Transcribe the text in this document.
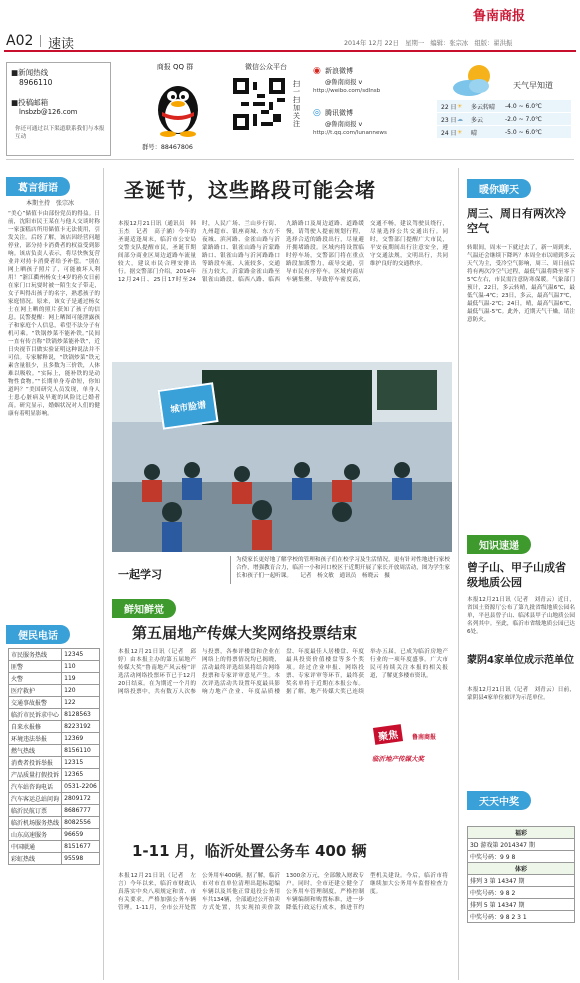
鲁南商报
A02 速读	2014年 12月 22日　星期一　编辑：张宗冰　组版：翟洪振
■新闻热线
8966110
■投稿邮箱
lnsbzb@126.com
你还可通过以下渠道联系我们与本报互动
商报 QQ 群
群号：88467806
微信公众平台
扫一扫 加关注
◉ 新浪微博
@鲁南商报 v
http://weibo.com/sdlnsb
◎ 腾讯微博
@鲁南商报 v
http://t.qq.com/lunannews
天气早知道
22 日 ☀	多云转晴	-4.0 ~ 6.0℃
23 日 ☁	多云	-2.0 ~ 7.0℃
24 日 ☀	晴	-5.0 ~ 6.0℃
葛言街语
本期主持　张宗冰
“美心”储值卡由部份党员的得益。日前，沈阳市民王某在与他人交谈时称一家蛋糕店所用储值卡无法使用，引发关注。后经了解，该店因经营问题停业，部分持卡消费者的权益受到影响。该店负责人表示，将尽快恢复营业并对持卡消费者给予补偿。“别在网上晒孩子照片了，可能被坏人利用！”浙江衢州杨女士4岁的孙女日前在家门口玩耍时被一陌生女子带走，女子叫得出孩子的名字，熟悉孩子的家庭情况。原来，该女子是通过杨女士在网上晒的照片获知了孩子的信息。民警提醒：网上晒图可能泄露孩子和家庭个人信息，希望不法分子有机可乘。“铁锅炒菜不能补铁。”民间一直有传言称“铁锅炒菜能补铁”，近日央视节目做实验证明这种说法并不可信。专家解释说，“铁锅炒菜”铁元素含量很少，且多数为三价铁，人体难以吸收。“实际上，能补铁的是动物性食物。”“长期单身寿命短，你知道吗？”美国研究人员发现，单身人士患心脏病及早逝的风险比已婚者高。研究显示，婚姻状况对人们的健康有着明显影响。
便民电话
市民服务热线	12345
匪警	110
火警	119
医疗救护	120
交通事故报警	122
临沂市民诉求中心	8128563
自来水报修	8223192
环境违法举报	12369
燃气热线	8156110
消费者投诉举报	12315
产品质量打假投诉	12365
汽车站咨询电话	0531-2206
汽车客运总站问询	2809172
临沂民航订票	8686777
临沂机场服务热线	8082556
山东高速服务	96659
中国联通	8151677
彩虹热线	95598
圣诞节，这些路段可能会堵
本报12月21日讯（通讯员　韩玉杰　记者　高子涵）今年的圣诞适逢周末，临沂市公安局交警支队提醒市民，圣诞节期间部分商业区周边道路车流量较大，建议市民合理安排出行。据交警部门介绍，2014年12月24日、25日17时至24时，人民广场、兰山步行街、九州超市、银座商城、东方不夜城、滨河路、金雀山路与沂蒙路路口、银雀山路与沂蒙路路口、银雀山路与沂河路路口等路段车流、人流较多，交通压力较大。沂蒙路金雀山路至银雀山路段、临西八路、临西九路路口及周边道路、道路缓慢，请驾驶人提前规划行程，选择合适的路段出行，尽量避开拥堵路段。区域内将设置临时停车场，交警部门将在重点路段加派警力，疏导交通，引导市民有序停车。区域内商店车辆集聚、导致停车密度高，交通不畅，建议驾驶员绕行，尽量选择公共交通出行。同时，交警部门提醒广大市民，平安夜期间出行注意安全，遵守交通法规，文明出行，共同维护良好的交通秩序。
城市脸谱
一起学习
为使家长更好地了解学校的管理和孩子们在校学习及生活情况，更有针对性地进行家校合作，增强教育合力，临沂一小和河口校区于近期开展了家长开放周活动，图为学生家长和孩子们一起听课。　　记者　杨文敏　通讯员　杨晓云　摄
鲜知鲜觉
第五届地产传媒大奖网络投票结束
本报12月21日讯（记者　邱婷）由本报主办的第五届地产传媒大奖“鲁南地产风云榜”评选活动网络投票环节已于12月20日结束。在为期近一个月的网络投票中，共有数万人次参与投票，各参评楼盘和企业在网络上的得票情况均已揭晓，活动最终评选结果将结合网络投票和专家评审意见产生。本次评选活动共设置年度最具影响力地产企业、年度品质楼盘、年度最佳人居楼盘、年度最具投资价值楼盘等多个奖项。经过企业申报、网络投票、专家评审等环节，最终获奖名单将于近期在本报公布。据了解，地产传媒大奖已连续举办五届，已成为临沂房地产行业的一项年度盛事。广大市民可持续关注本报的相关报道，了解更多楼市资讯。
聚焦	鲁南商报
临沂地产传媒大奖
1-11 月，临沂处置公务车 400 辆
本报12月21日讯（记者　左言）今年以来，临沂市财政认真落实中央八项规定和省、市有关要求，严格加强公务车辆管理。1-11月，全市公开处置公务用车400辆。据了解，临沂市对市直单位清理出超标超编车辆以及其他正常退役公务用车共134辆，全部通过公开拍卖方式处置，共实现拍卖价款1300余万元，全部缴入财政专户。同时，全市还建立健全了公务用车管理制度，严格控制车辆编制和购置标准，进一步降低行政运行成本，推进节约型机关建设。今后，临沂市将继续加大公务用车监督检查力度。
暖你聊天
周三、周日有两次冷空气
转眼间，周末一下就过去了，新一周到来，气温还会继续下降吗？本周全市以晴到多云天气为主，受冷空气影响，周三、周日前后将有两次冷空气过程，最低气温将降至零下5℃左右，市民需注意防寒保暖。气象部门预计，22日，多云转晴，最高气温6℃，最低气温-4℃；23日，多云，最高气温7℃，最低气温-2℃；24日，晴，最高气温6℃，最低气温-5℃。此外，近期天气干燥，请注意防火。
知识速递
曾子山、甲子山成省级地质公园
本报12月21日讯（记者　刘青云）近日，省国土资源厅公布了第九批省级地质公园名单，平邑县曾子山、临沭县甲子山地质公园名列其中。至此，临沂市省级地质公园已达6处。
蒙阴4家单位成示范单位
本报12月21日讯（记者　刘青云）日前，蒙阴县4家单位被评为示范单位。
天天中奖
福彩
3D 游戏第 2014347 期
中奖号码：9 9 8
体彩
排列 3 第 14347 期
中奖号码：9 8 2
排列 5 第 14347 期
中奖号码：9 8 2 3 1
